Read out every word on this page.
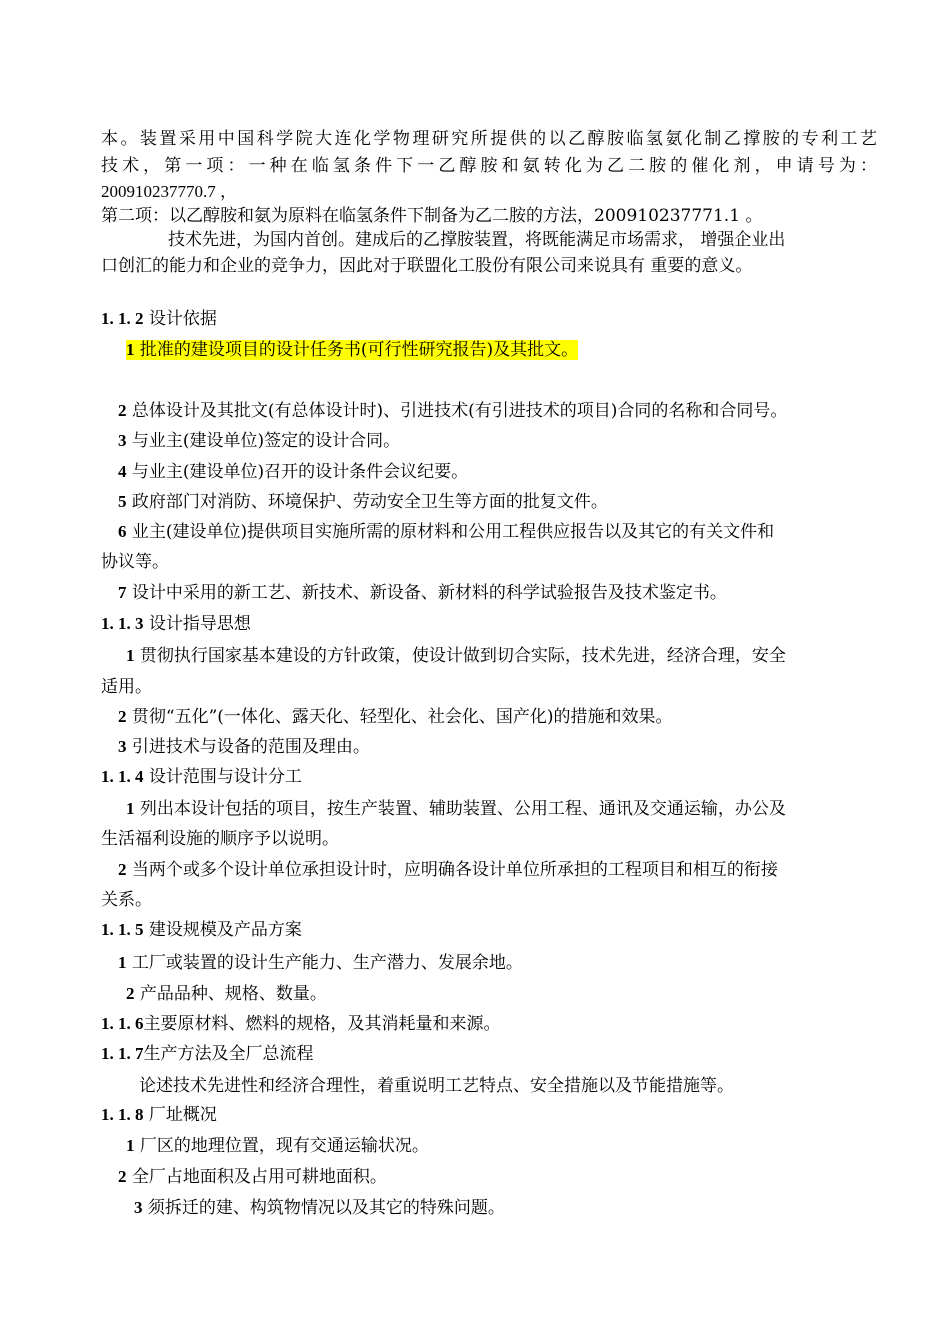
本。装置采用中国科学院大连化学物理研究所提供的以乙醇胺临氢氨化制乙撑胺的专利工艺
技术，第一项：一种在临氢条件下一乙醇胺和氨转化为乙二胺的催化剂，申请号为：
200910237770.7 ，
第二项：以乙醇胺和氨为原料在临氢条件下制备为乙二胺的方法，200910237771.1 。
技术先进，为国内首创。建成后的乙撑胺装置，将既能满足市场需求， 增强企业出
口创汇的能力和企业的竞争力，因此对于联盟化工股份有限公司来说具有 重要的意义。
1. 1. 2 设计依据
1 批准的建设项目的设计任务书(可行性研究报告)及其批文。
2 总体设计及其批文(有总体设计时)、引进技术(有引进技术的项目)合同的名称和合同号。
3 与业主(建设单位)签定的设计合同。
4 与业主(建设单位)召开的设计条件会议纪要。
5 政府部门对消防、环境保护、劳动安全卫生等方面的批复文件。
6 业主(建设单位)提供项目实施所需的原材料和公用工程供应报告以及其它的有关文件和
协议等。
7 设计中采用的新工艺、新技术、新设备、新材料的科学试验报告及技术鉴定书。
1. 1. 3 设计指导思想
1 贯彻执行国家基本建设的方针政策，使设计做到切合实际，技术先进，经济合理，安全
适用。
2 贯彻“五化”(一体化、露天化、轻型化、社会化、国产化)的措施和效果。
3 引进技术与设备的范围及理由。
1. 1. 4 设计范围与设计分工
1 列出本设计包括的项目，按生产装置、辅助装置、公用工程、通讯及交通运输，办公及
生活福利设施的顺序予以说明。
2 当两个或多个设计单位承担设计时，应明确各设计单位所承担的工程项目和相互的衔接
关系。
1. 1. 5 建设规模及产品方案
1 工厂或装置的设计生产能力、生产潜力、发展余地。
2 产品品种、规格、数量。
1. 1. 6主要原材料、燃料的规格，及其消耗量和来源。
1. 1. 7生产方法及全厂总流程
论述技术先进性和经济合理性，着重说明工艺特点、安全措施以及节能措施等。
1. 1. 8 厂址概况
1 厂区的地理位置，现有交通运输状况。
2 全厂占地面积及占用可耕地面积。
3 须拆迁的建、构筑物情况以及其它的特殊问题。
